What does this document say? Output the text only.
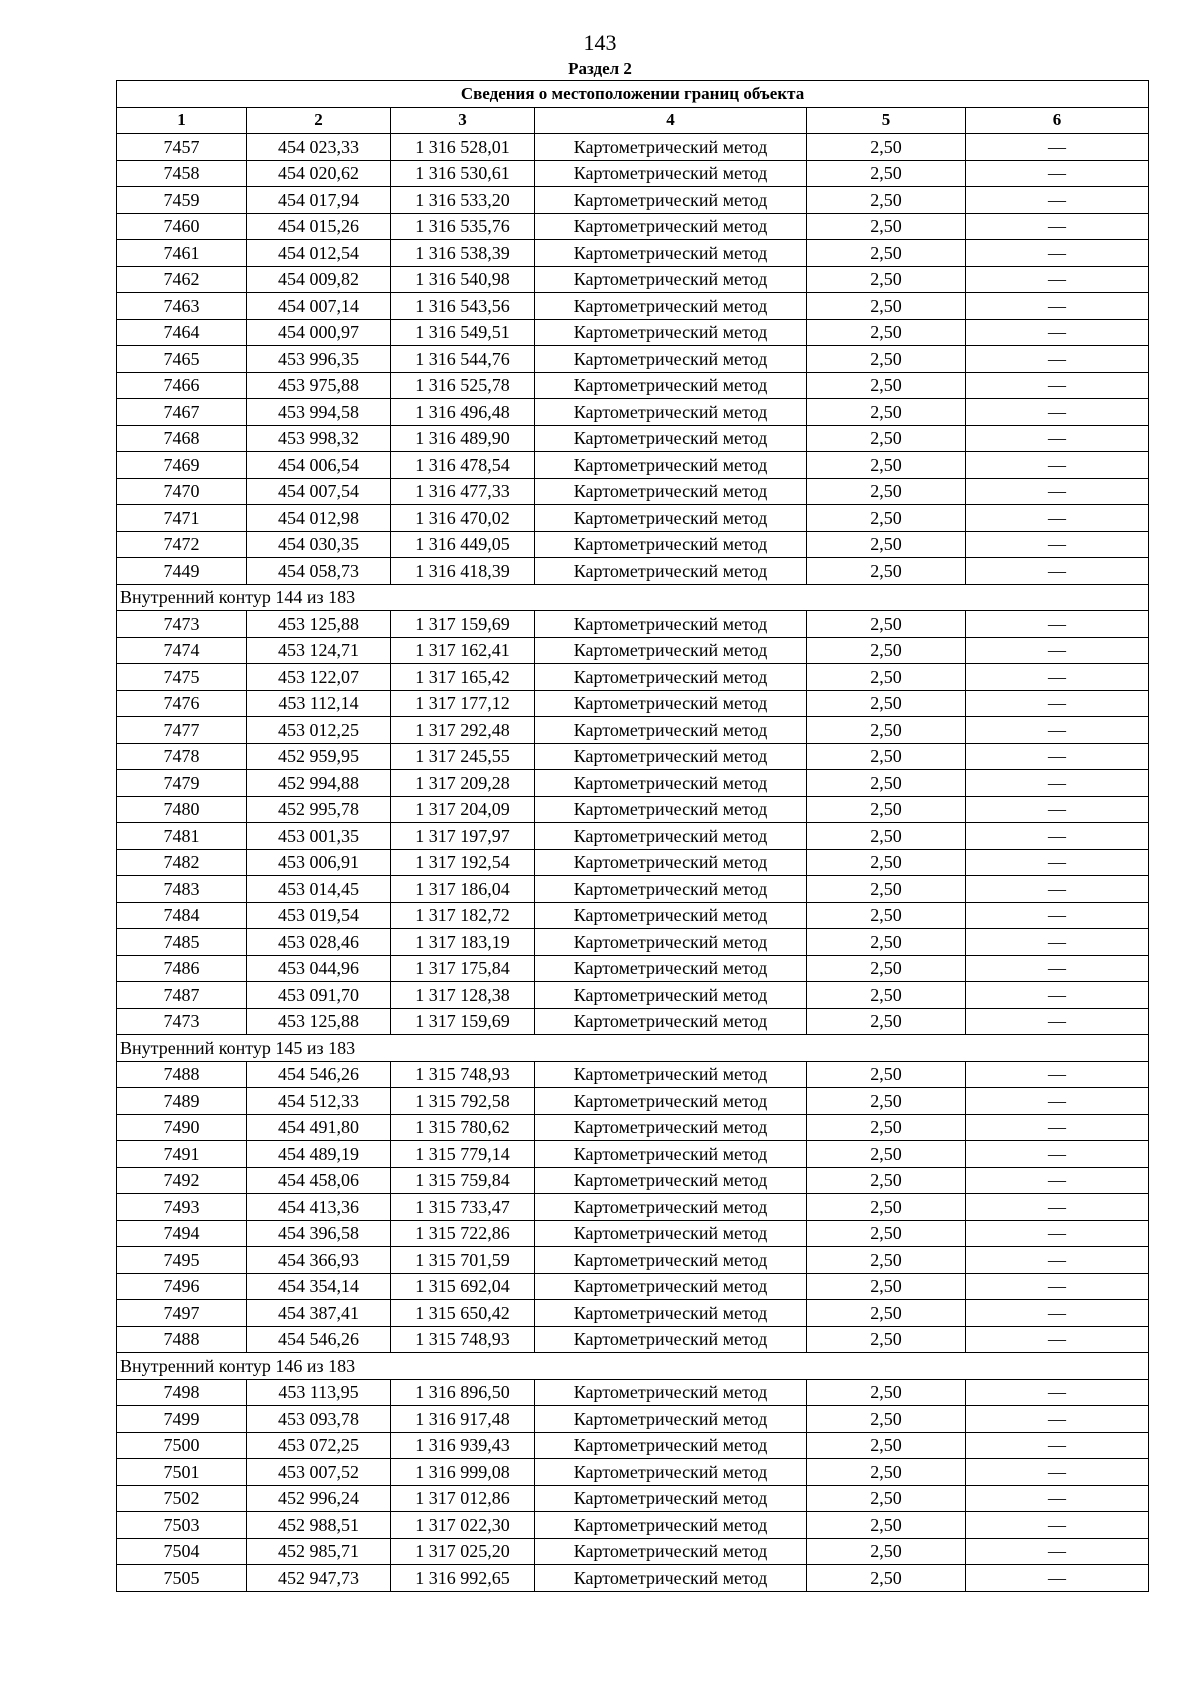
143
Раздел 2
Сведения о местоположении границ объекта					
1	2	3	4	5	6
7457	454 023,33	1 316 528,01	Картометрический метод	2,50	—
7458	454 020,62	1 316 530,61	Картометрический метод	2,50	—
7459	454 017,94	1 316 533,20	Картометрический метод	2,50	—
7460	454 015,26	1 316 535,76	Картометрический метод	2,50	—
7461	454 012,54	1 316 538,39	Картометрический метод	2,50	—
7462	454 009,82	1 316 540,98	Картометрический метод	2,50	—
7463	454 007,14	1 316 543,56	Картометрический метод	2,50	—
7464	454 000,97	1 316 549,51	Картометрический метод	2,50	—
7465	453 996,35	1 316 544,76	Картометрический метод	2,50	—
7466	453 975,88	1 316 525,78	Картометрический метод	2,50	—
7467	453 994,58	1 316 496,48	Картометрический метод	2,50	—
7468	453 998,32	1 316 489,90	Картометрический метод	2,50	—
7469	454 006,54	1 316 478,54	Картометрический метод	2,50	—
7470	454 007,54	1 316 477,33	Картометрический метод	2,50	—
7471	454 012,98	1 316 470,02	Картометрический метод	2,50	—
7472	454 030,35	1 316 449,05	Картометрический метод	2,50	—
7449	454 058,73	1 316 418,39	Картометрический метод	2,50	—
Внутренний контур 144 из 183					
7473	453 125,88	1 317 159,69	Картометрический метод	2,50	—
7474	453 124,71	1 317 162,41	Картометрический метод	2,50	—
7475	453 122,07	1 317 165,42	Картометрический метод	2,50	—
7476	453 112,14	1 317 177,12	Картометрический метод	2,50	—
7477	453 012,25	1 317 292,48	Картометрический метод	2,50	—
7478	452 959,95	1 317 245,55	Картометрический метод	2,50	—
7479	452 994,88	1 317 209,28	Картометрический метод	2,50	—
7480	452 995,78	1 317 204,09	Картометрический метод	2,50	—
7481	453 001,35	1 317 197,97	Картометрический метод	2,50	—
7482	453 006,91	1 317 192,54	Картометрический метод	2,50	—
7483	453 014,45	1 317 186,04	Картометрический метод	2,50	—
7484	453 019,54	1 317 182,72	Картометрический метод	2,50	—
7485	453 028,46	1 317 183,19	Картометрический метод	2,50	—
7486	453 044,96	1 317 175,84	Картометрический метод	2,50	—
7487	453 091,70	1 317 128,38	Картометрический метод	2,50	—
7473	453 125,88	1 317 159,69	Картометрический метод	2,50	—
Внутренний контур 145 из 183					
7488	454 546,26	1 315 748,93	Картометрический метод	2,50	—
7489	454 512,33	1 315 792,58	Картометрический метод	2,50	—
7490	454 491,80	1 315 780,62	Картометрический метод	2,50	—
7491	454 489,19	1 315 779,14	Картометрический метод	2,50	—
7492	454 458,06	1 315 759,84	Картометрический метод	2,50	—
7493	454 413,36	1 315 733,47	Картометрический метод	2,50	—
7494	454 396,58	1 315 722,86	Картометрический метод	2,50	—
7495	454 366,93	1 315 701,59	Картометрический метод	2,50	—
7496	454 354,14	1 315 692,04	Картометрический метод	2,50	—
7497	454 387,41	1 315 650,42	Картометрический метод	2,50	—
7488	454 546,26	1 315 748,93	Картометрический метод	2,50	—
Внутренний контур 146 из 183					
7498	453 113,95	1 316 896,50	Картометрический метод	2,50	—
7499	453 093,78	1 316 917,48	Картометрический метод	2,50	—
7500	453 072,25	1 316 939,43	Картометрический метод	2,50	—
7501	453 007,52	1 316 999,08	Картометрический метод	2,50	—
7502	452 996,24	1 317 012,86	Картометрический метод	2,50	—
7503	452 988,51	1 317 022,30	Картометрический метод	2,50	—
7504	452 985,71	1 317 025,20	Картометрический метод	2,50	—
7505	452 947,73	1 316 992,65	Картометрический метод	2,50	—
